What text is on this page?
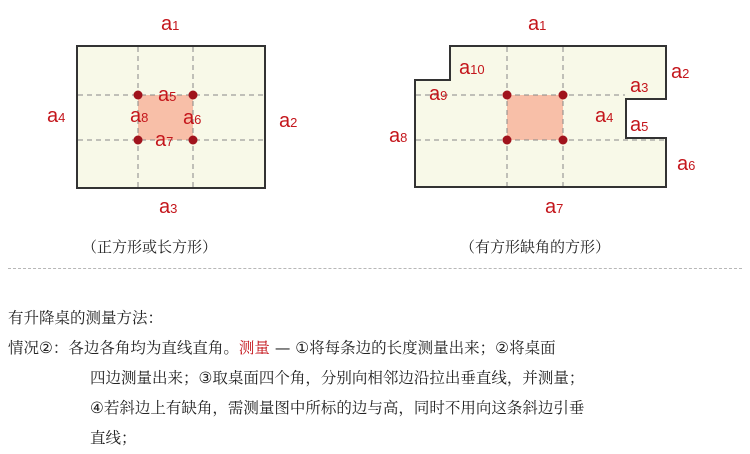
a1
a2
a3
a4
a5
a6
a7
a8
（正方形或长方形）
a1
a2
a3
a4 a5
a6
a7
a8
a9
a10
（有方形缺角的方形）
有升降桌的测量方法：
情况②：各边各角均为直线直角。测量 — ①将每条边的长度测量出来；②将桌面
四边测量出来；③取桌面四个角，分别向相邻边沿拉出垂直线，并测量；
④若斜边上有缺角，需测量图中所标的边与高，同时不用向这条斜边引垂
直线；
